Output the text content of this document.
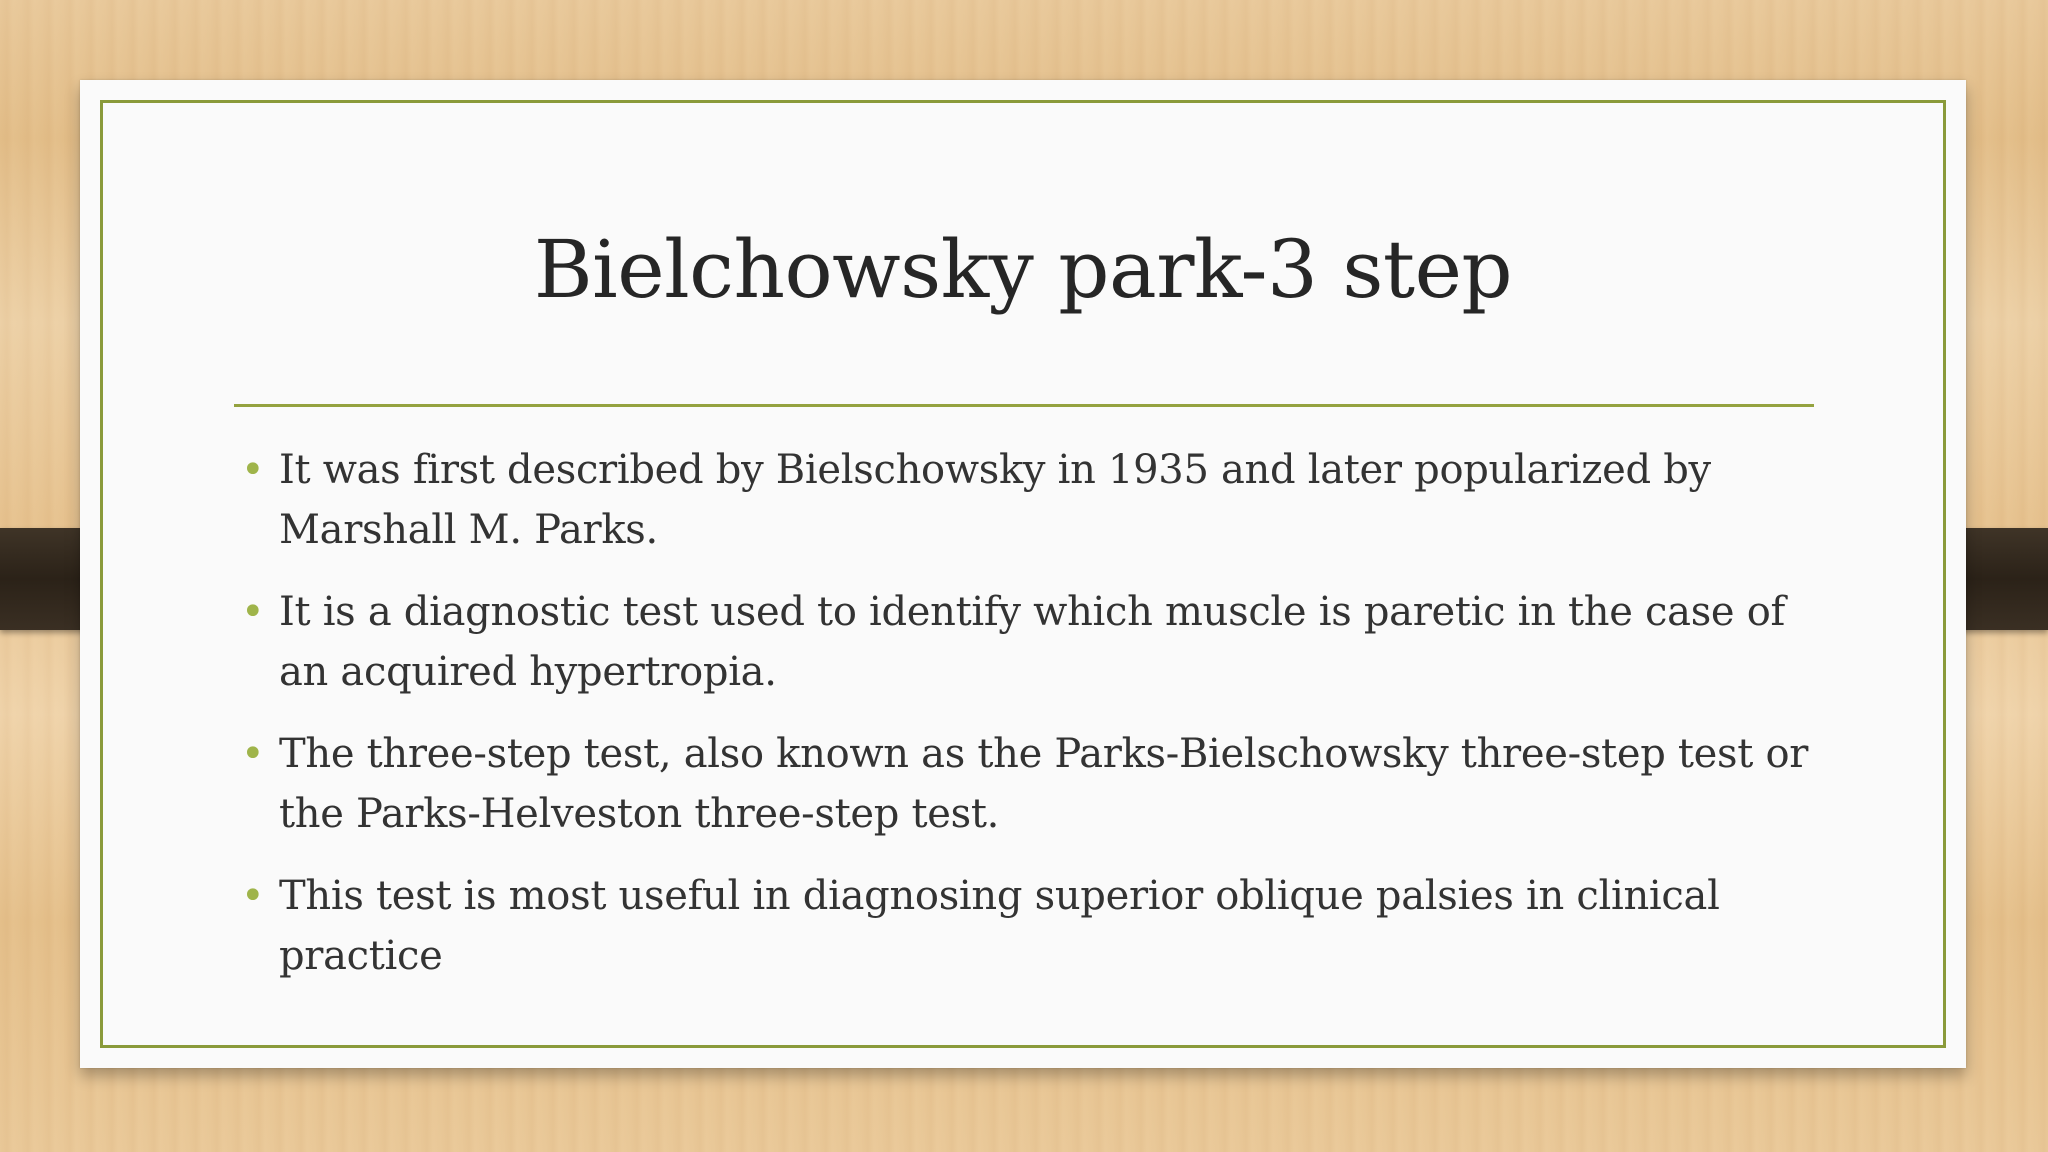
Bielchowsky park-3 step
• It was first described by Bielschowsky in 1935 and later popularized by Marshall M. Parks.
• It is a diagnostic test used to identify which muscle is paretic in the case of an acquired hypertropia.
• The three-step test, also known as the Parks-Bielschowsky three-step test or the Parks-Helveston three-step test.
• This test is most useful in diagnosing superior oblique palsies in clinical practice
